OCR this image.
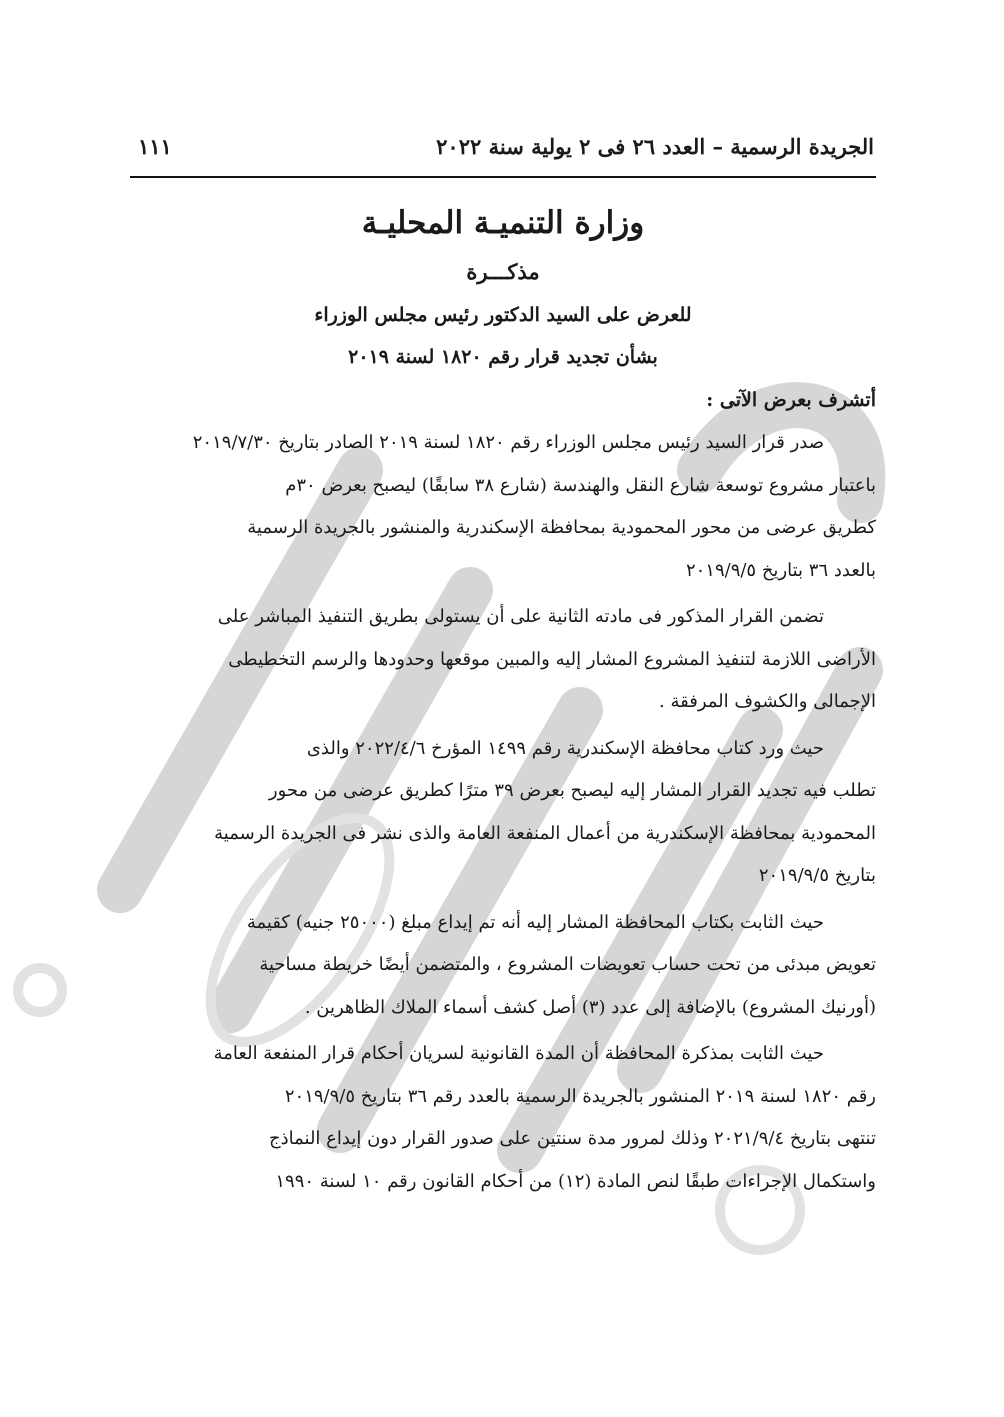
الجريدة الرسمية – العدد ٢٦ فى ٢ يولية سنة ٢٠٢٢
١١١
وزارة التنميـة المحليـة
مذكـــرة
للعرض على السيد الدكتور رئيس مجلس الوزراء
بشأن تجديد قرار رقم ١٨٢٠ لسنة ٢٠١٩
أتشرف بعرض الآتى :
صدر قرار السيد رئيس مجلس الوزراء رقم ١٨٢٠ لسنة ٢٠١٩ الصادر بتاريخ ٢٠١٩/٧/٣٠
باعتبار مشروع توسعة شارع النقل والهندسة (شارع ٣٨ سابقًا) ليصبح بعرض ٣٠م
كطريق عرضى من محور المحمودية بمحافظة الإسكندرية والمنشور بالجريدة الرسمية
بالعدد ٣٦ بتاريخ ٢٠١٩/٩/٥
تضمن القرار المذكور فى مادته الثانية على أن يستولى بطريق التنفيذ المباشر على
الأراضى اللازمة لتنفيذ المشروع المشار إليه والمبين موقعها وحدودها والرسم التخطيطى
الإجمالى والكشوف المرفقة .
حيث ورد كتاب محافظة الإسكندرية رقم ١٤٩٩ المؤرخ ٢٠٢٢/٤/٦ والذى
تطلب فيه تجديد القرار المشار إليه ليصبح بعرض ٣٩ مترًا كطريق عرضى من محور
المحمودية بمحافظة الإسكندرية من أعمال المنفعة العامة والذى نشر فى الجريدة الرسمية
بتاريخ ٢٠١٩/٩/٥
حيث الثابت بكتاب المحافظة المشار إليه أنه تم إيداع مبلغ (٢٥٠٠٠ جنيه) كقيمة
تعويض مبدئى من تحت حساب تعويضات المشروع ، والمتضمن أيضًا خريطة مساحية
(أورنيك المشروع) بالإضافة إلى عدد (٣) أصل كشف أسماء الملاك الظاهرين .
حيث الثابت بمذكرة المحافظة أن المدة القانونية لسريان أحكام قرار المنفعة العامة
رقم ١٨٢٠ لسنة ٢٠١٩ المنشور بالجريدة الرسمية بالعدد رقم ٣٦ بتاريخ ٢٠١٩/٩/٥
تنتهى بتاريخ ٢٠٢١/٩/٤ وذلك لمرور مدة سنتين على صدور القرار دون إيداع النماذج
واستكمال الإجراءات طبقًا لنص المادة (١٢) من أحكام القانون رقم ١٠ لسنة ١٩٩٠
